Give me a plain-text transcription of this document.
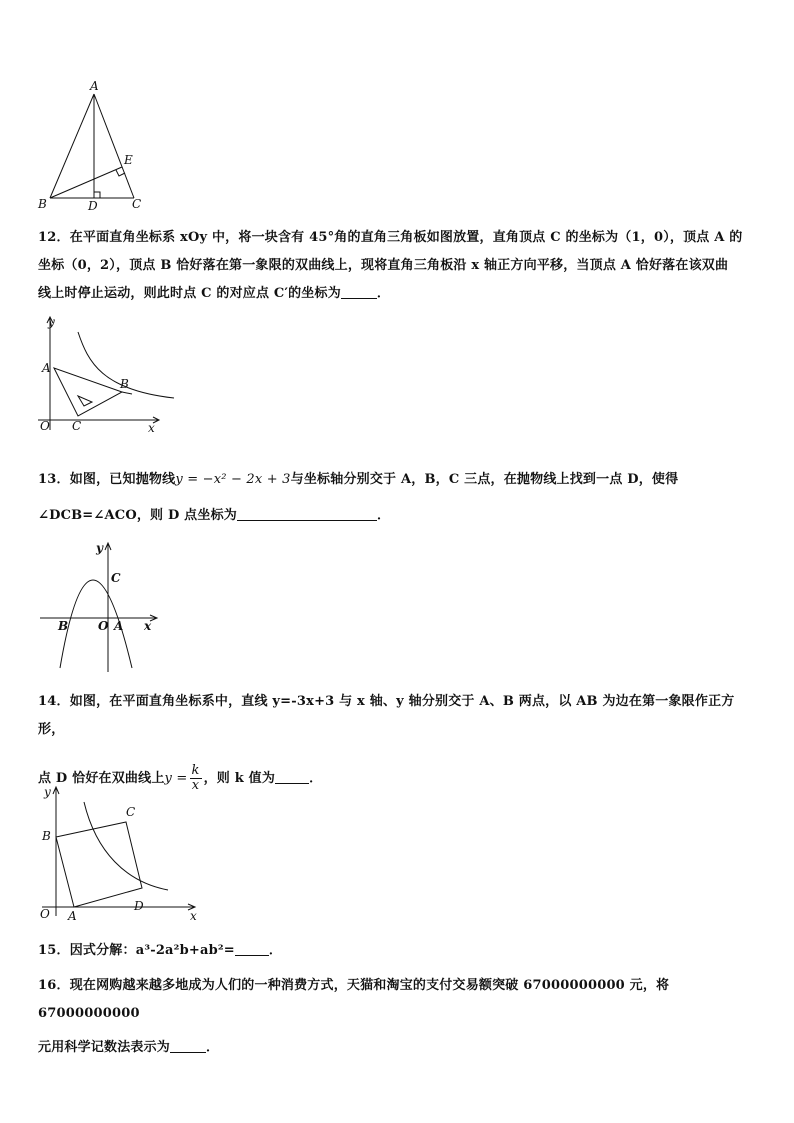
A
B	C
D
E
12．在平面直角坐标系 xOy 中，将一块含有 45°角的直角三角板如图放置，直角顶点 C 的坐标为（1，0），顶点 A 的
坐标（0，2），顶点 B 恰好落在第一象限的双曲线上，现将直角三角板沿 x 轴正方向平移，当顶点 A 恰好落在该双曲
线上时停止运动，则此时点 C 的对应点 C′的坐标为	．
y
A
B
O C	x
13．如图，已知抛物线y = −x² − 2x + 3与坐标轴分别交于 A，B，C 三点，在抛物线上找到一点 D，使得
∠DCB=∠ACO，则 D 点坐标为	．
y
C
B O A x
14．如图，在平面直角坐标系中，直线 y=-3x+3 与 x 轴、y 轴分别交于 A、B 两点，以 AB 为边在第一象限作正方形，
点 D 恰好在双曲线上$y = \frac{k}{x}$ ，则 k 值为	．
y
B
C
D
O A	x
15．因式分解：a³-2a²b+ab²=	．
16．现在网购越来越多地成为人们的一种消费方式，天猫和淘宝的支付交易额突破 67000000000 元，将 67000000000
元用科学记数法表示为	．
